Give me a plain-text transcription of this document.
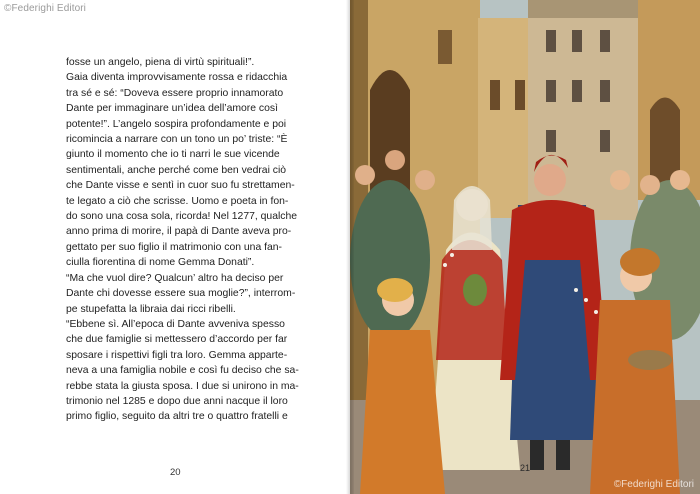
©Federighi Editori

fosse un angelo, piena di virtù spirituali!”.

Gaia diventa improvvisamente rossa e ridacchia

tra sé e sé: “Doveva essere proprio innamorato

Dante per immaginare un’idea dell’amore così

potente!”. L’angelo sospira profondamente e poi

ricomincia a narrare con un tono un po’ triste: “È

giunto il momento che io ti narri le sue vicende

sentimentali, anche perché come ben vedrai ciò

che Dante visse e sentì in cuor suo fu strettamen-

te legato a ciò che scrisse. Uomo e poeta in fon-

do sono una cosa sola, ricorda! Nel 1277, qualche

anno prima di morire, il papà di Dante aveva pro-

gettato per suo figlio il matrimonio con una fan-

ciulla fiorentina di nome Gemma Donati”.

“Ma che vuol dire? Qualcun’ altro ha deciso per

Dante chi dovesse essere sua moglie?”, interrom-

pe stupefatta la libraia dai ricci ribelli.

“Ebbene sì. All’epoca di Dante avveniva spesso

che due famiglie si mettessero d’accordo per far

sposare i rispettivi figli tra loro. Gemma apparte-

neva a una famiglia nobile e così fu deciso che sa-

rebbe stata la giusta sposa. I due si unirono in ma-

trimonio nel 1285 e dopo due anni nacque il loro

primo figlio, seguito da altri tre o quattro fratelli e

20	21
©Federighi Editori
